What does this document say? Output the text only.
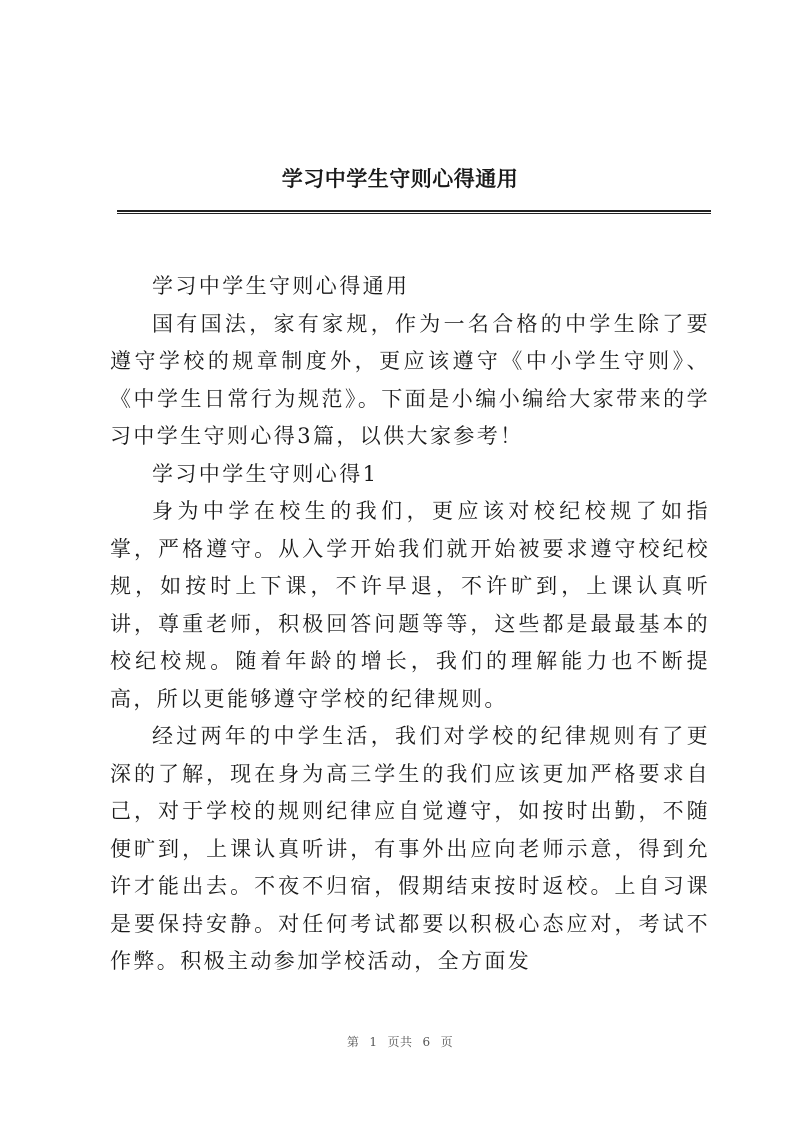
学习中学生守则心得通用

学习中学生守则心得通用

国有国法，家有家规，作为一名合格的中学生除了要遵守学校的规章制度外，更应该遵守《中小学生守则》、《中学生日常行为规范》。下面是小编小编给大家带来的学习中学生守则心得3篇，以供大家参考！

学习中学生守则心得1

身为中学在校生的我们，更应该对校纪校规了如指掌，严格遵守。从入学开始我们就开始被要求遵守校纪校规，如按时上下课，不许早退，不许旷到，上课认真听讲，尊重老师，积极回答问题等等，这些都是最最基本的校纪校规。随着年龄的增长，我们的理解能力也不断提高，所以更能够遵守学校的纪律规则。

经过两年的中学生活，我们对学校的纪律规则有了更深的了解，现在身为高三学生的我们应该更加严格要求自己，对于学校的规则纪律应自觉遵守，如按时出勤，不随便旷到，上课认真听讲，有事外出应向老师示意，得到允许才能出去。不夜不归宿，假期结束按时返校。上自习课是要保持安静。对任何考试都要以积极心态应对，考试不作弊。积极主动参加学校活动，全方面发

第 1 页共 6 页
